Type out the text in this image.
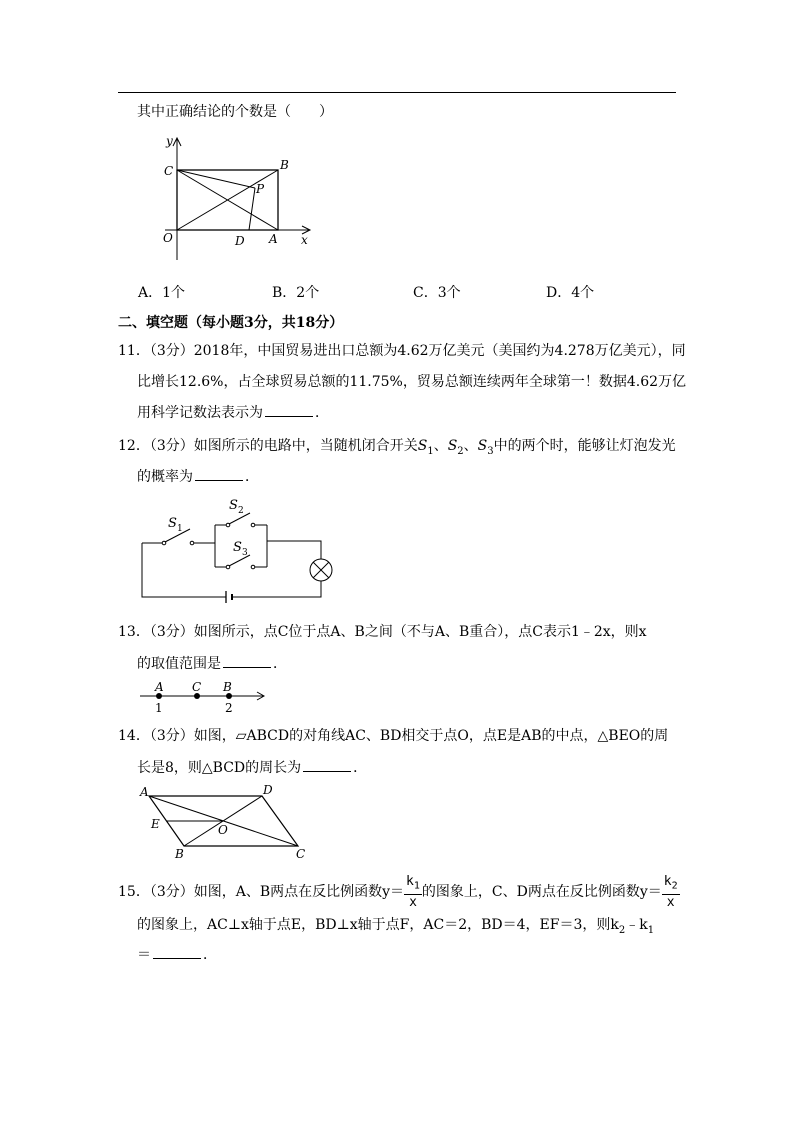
其中正确结论的个数是（　　）
y
C	B
P
O	D A x
A．1个	B．2个	C．3个	D．4个
二、填空题（每小题3分，共18分）
11．（3分）2018年，中国贸易进出口总额为4.62万亿美元（美国约为4.278万亿美元），同
比增长12.6%，占全球贸易总额的11.75%，贸易总额连续两年全球第一！数据4.62万亿
用科学记数法表示为	．
12．（3分）如图所示的电路中，当随机闭合开关$S_1$、$S_2$、$S_3$中的两个时，能够让灯泡发光
的概率为	．
S 1
S 2
S 3
13．（3分）如图所示，点C位于点A、B之间（不与A、B重合），点C表示1﹣2x，则x
的取值范围是	．
A C B
1	2
14．（3分）如图，▱ABCD的对角线AC、BD相交于点O，点E是AB的中点，△BEO的周
长是8，则△BCD的周长为	．
A	D
E	O
B	C
15．（3分）如图，A、B两点在反比例函数$y= \frac{k_1}{x}$ 的图象上，C、D两点在反比例函数$y= \frac{k_2}{x}$
的图象上，AC⊥x轴于点E，BD⊥x轴于点F，AC＝2，BD＝4，EF＝3，则$k_2﹣k_1$
＝	．
